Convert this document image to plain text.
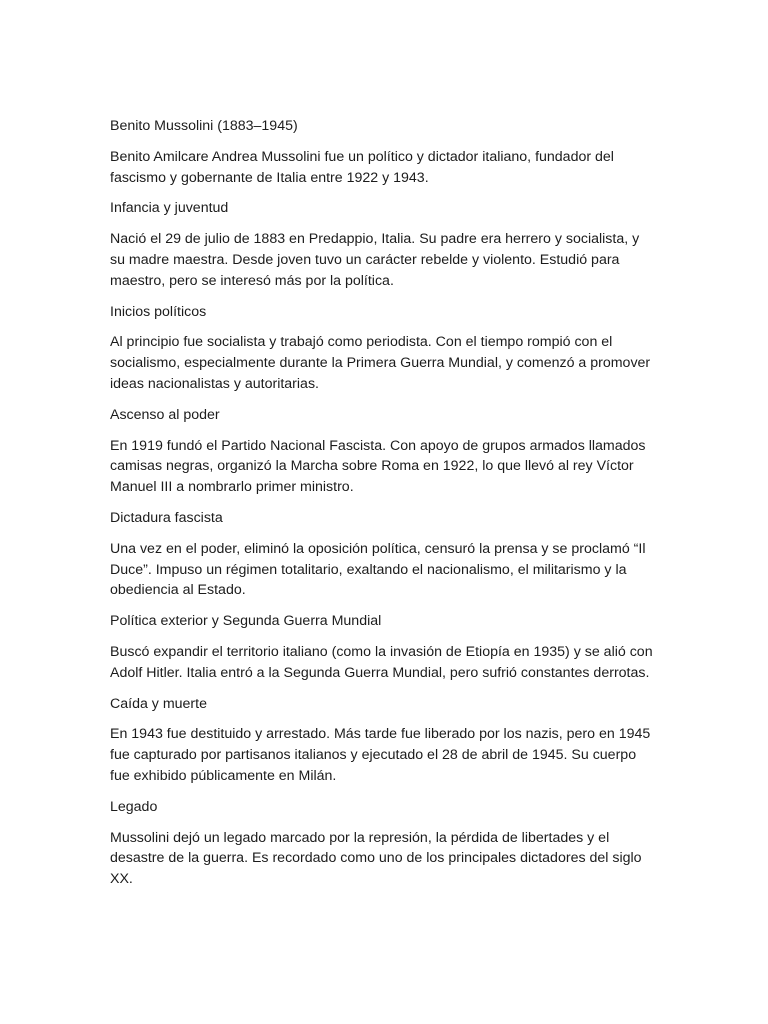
Benito Mussolini (1883–1945)

Benito Amilcare Andrea Mussolini fue un político y dictador italiano, fundador del fascismo y gobernante de Italia entre 1922 y 1943.

Infancia y juventud

Nació el 29 de julio de 1883 en Predappio, Italia. Su padre era herrero y socialista, y su madre maestra. Desde joven tuvo un carácter rebelde y violento. Estudió para maestro, pero se interesó más por la política.

Inicios políticos

Al principio fue socialista y trabajó como periodista. Con el tiempo rompió con el socialismo, especialmente durante la Primera Guerra Mundial, y comenzó a promover ideas nacionalistas y autoritarias.

Ascenso al poder

En 1919 fundó el Partido Nacional Fascista. Con apoyo de grupos armados llamados camisas negras, organizó la Marcha sobre Roma en 1922, lo que llevó al rey Víctor Manuel III a nombrarlo primer ministro.

Dictadura fascista

Una vez en el poder, eliminó la oposición política, censuró la prensa y se proclamó “Il Duce”. Impuso un régimen totalitario, exaltando el nacionalismo, el militarismo y la obediencia al Estado.

Política exterior y Segunda Guerra Mundial

Buscó expandir el territorio italiano (como la invasión de Etiopía en 1935) y se alió con Adolf Hitler. Italia entró a la Segunda Guerra Mundial, pero sufrió constantes derrotas.

Caída y muerte

En 1943 fue destituido y arrestado. Más tarde fue liberado por los nazis, pero en 1945 fue capturado por partisanos italianos y ejecutado el 28 de abril de 1945. Su cuerpo fue exhibido públicamente en Milán.

Legado

Mussolini dejó un legado marcado por la represión, la pérdida de libertades y el desastre de la guerra. Es recordado como uno de los principales dictadores del siglo XX.
